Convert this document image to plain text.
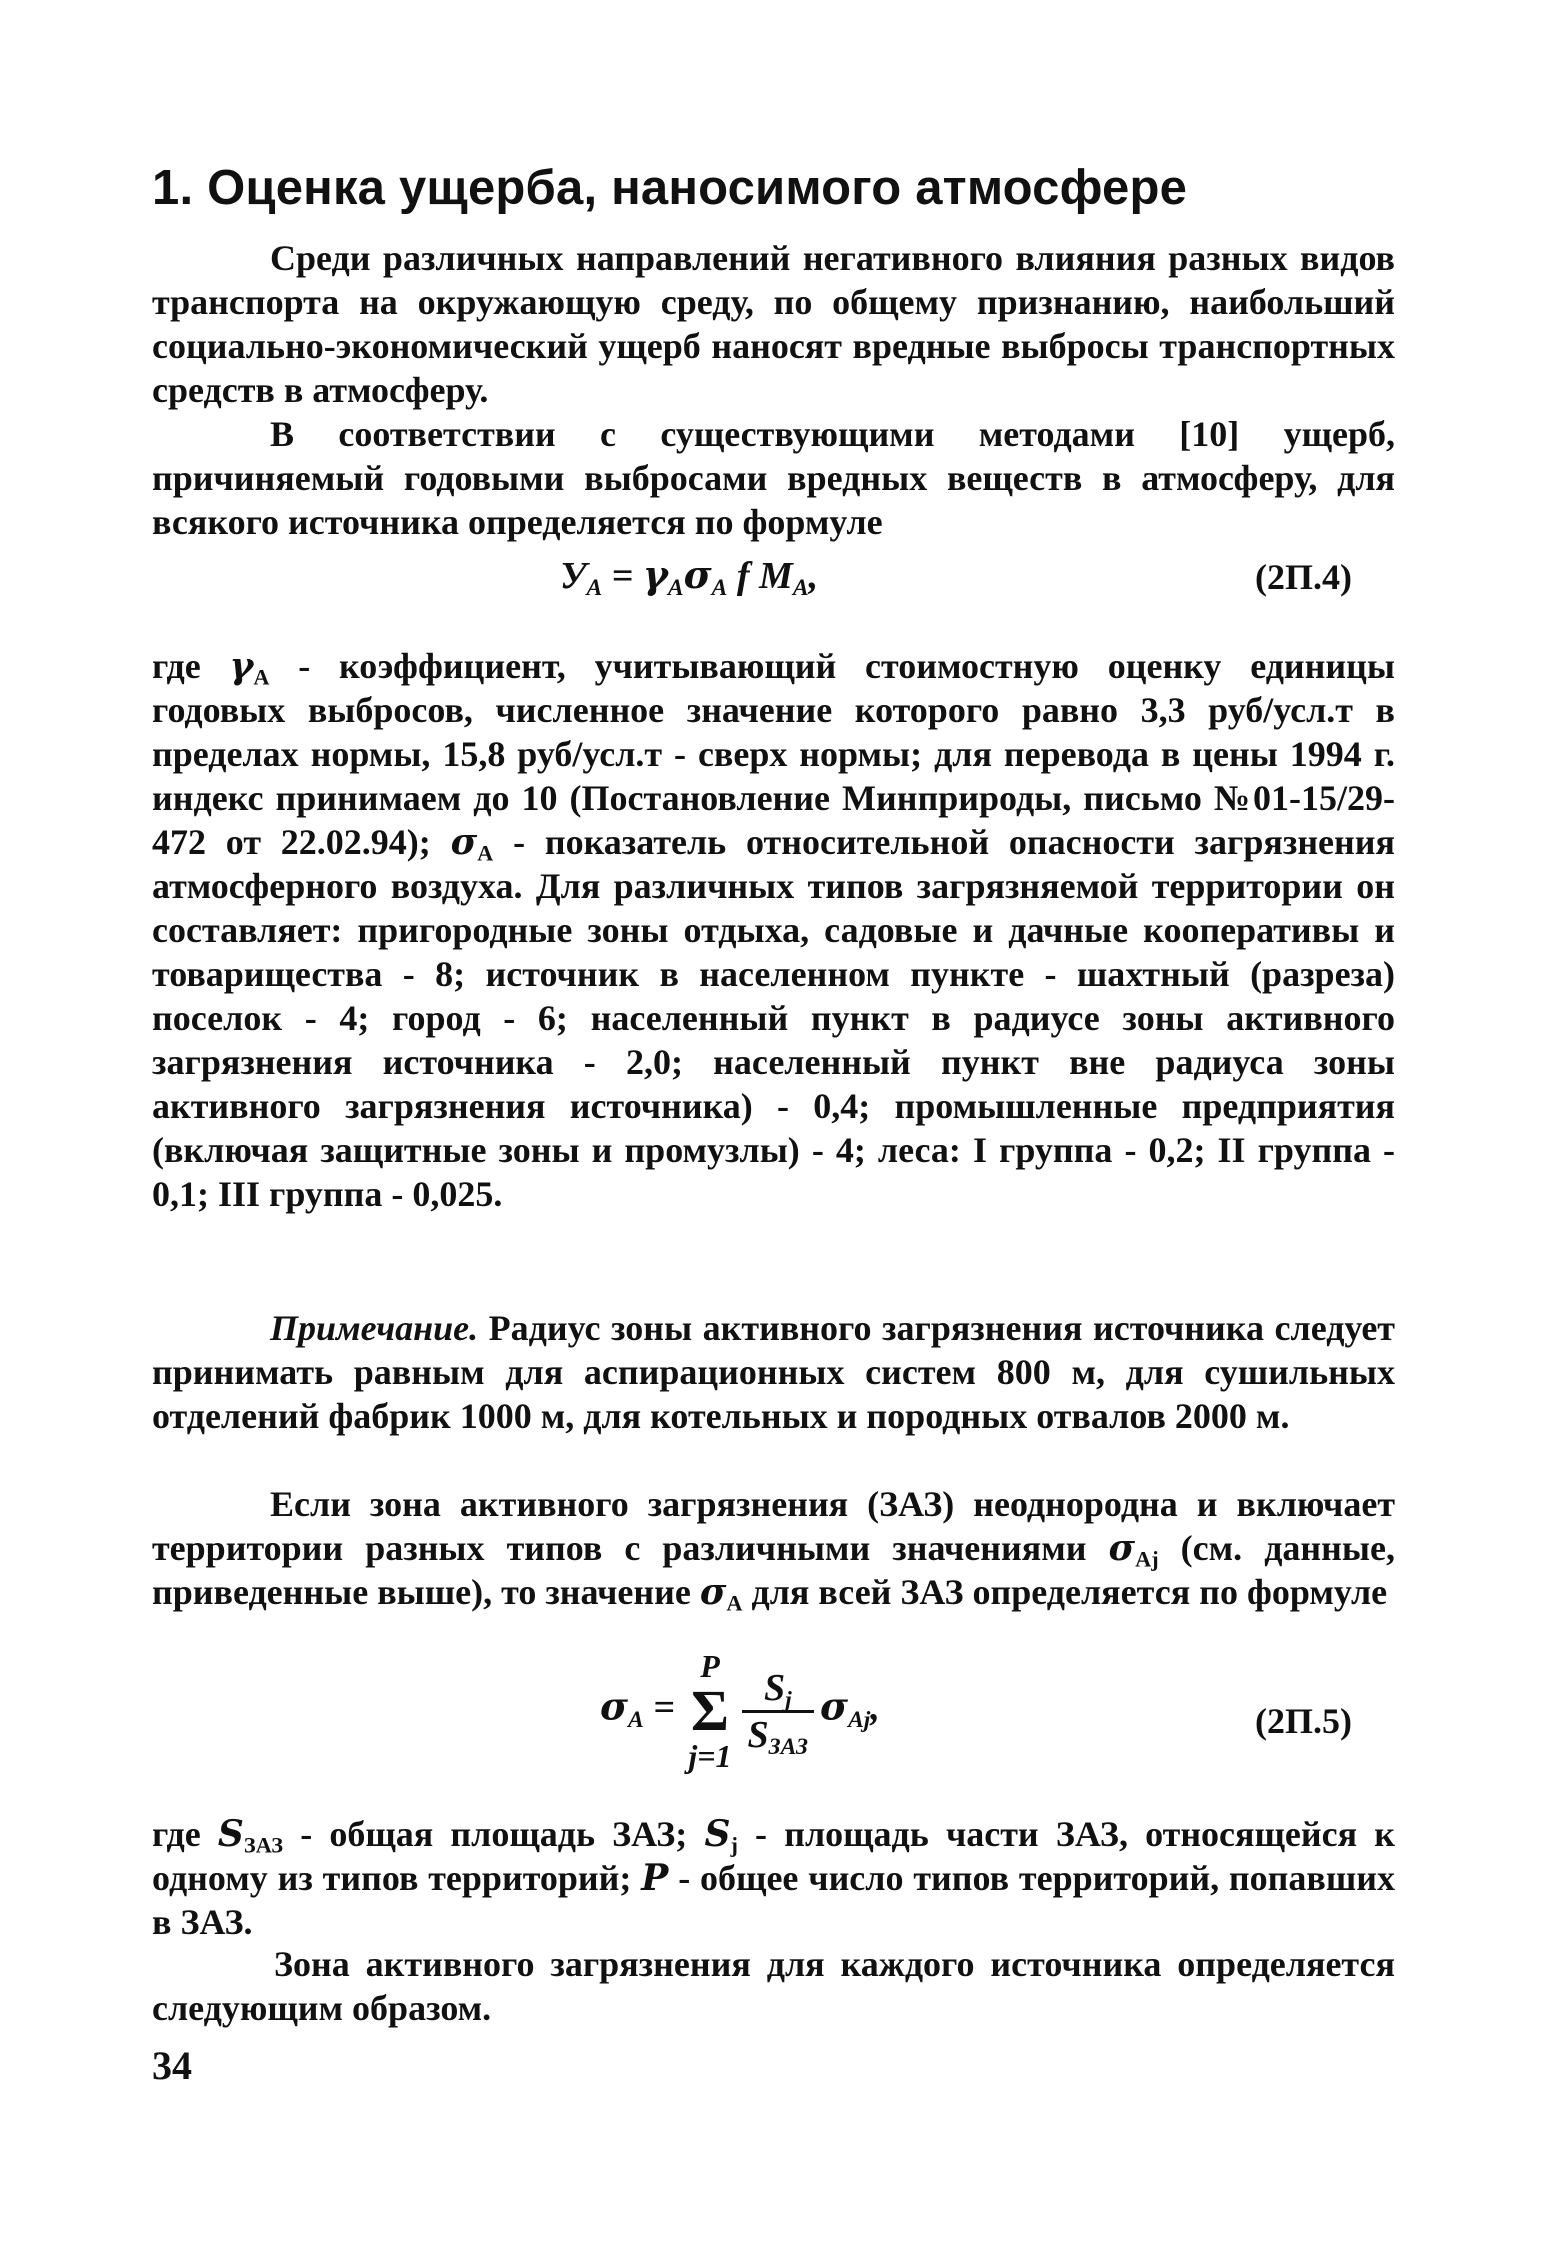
1. Оценка ущерба, наносимого атмосфере

Среди различных направлений негативного влияния разных видов транспорта на окружающую среду, по общему признанию, наибольший социально-экономический ущерб наносят вредные выбросы транспортных средств в атмосферу.

В соответствии с существующими методами [10] ущерб, причиняемый годовыми выбросами вредных веществ в атмосферу, для всякого источника определяется по формуле

$У_А = \gamma_А\sigma_А$ f $M_А$,	(2П.4)

где $\gamma_А$ - коэффициент, учитывающий стоимостную оценку единицы годовых выбросов, численное значение которого равно 3,3 руб/усл.т в пределах нормы, 15,8 руб/усл.т - сверх нормы; для перевода в цены 1994 г. индекс принимаем до 10 (Постановление Минприроды, письмо №01-15/29-472 от 22.02.94); $\sigma_А$ - показатель относительной опасности загрязнения атмосферного воздуха. Для различных типов загрязняемой территории он составляет: пригородные зоны отдыха, садовые и дачные кооперативы и товарищества - 8; источник в населенном пункте - шахтный (разреза) поселок - 4; город - 6; населенный пункт в радиусе зоны активного загрязнения источника - 2,0; населенный пункт вне радиуса зоны активного загрязнения источника) - 0,4; промышленные предприятия (включая защитные зоны и промузлы) - 4; леса: I группа - 0,2; II группа - 0,1; III группа - 0,025.

Примечание. Радиус зоны активного загрязнения источника следует принимать равным для аспирационных систем 800 м, для сушильных отделений фабрик 1000 м, для котельных и породных отвалов 2000 м.

Если зона активного загрязнения (ЗАЗ) неоднородна и включает территории разных типов с различными значениями $\sigma_{Аj}$ (см. данные, приведенные выше), то значение $\sigma_А$ для всей ЗАЗ определяется по формуле

$\sigma_А$ =
P
Σ
$j=1 \frac{S_j}{S_{ЗАЗ}} \sigma_{Аj}$,	(2П.5)

где $S_{ЗАЗ}$ - общая площадь ЗАЗ; $S_j$ - площадь части ЗАЗ, относящейся к одному из типов территорий; P - общее число типов территорий, попавших в ЗАЗ.

Зона активного загрязнения для каждого источника определяется следующим образом.

34
